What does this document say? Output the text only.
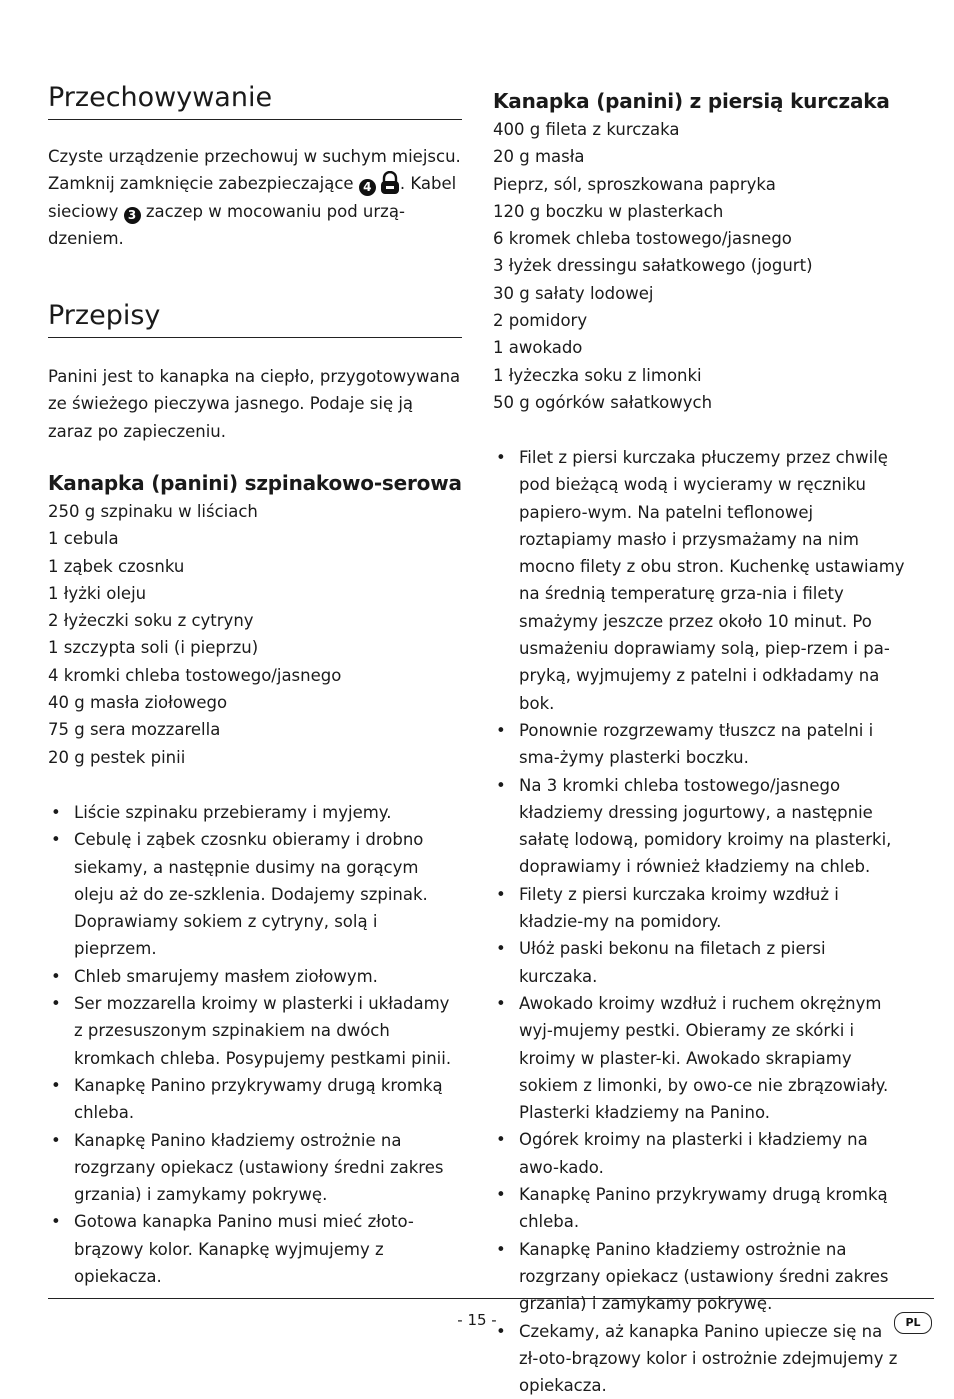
Przechowywanie

Czyste urządzenie przechowuj w suchym miejscu. Zamknij zamknięcie zabezpieczające 4 . Kabel sieciowy 3 zaczep w mocowaniu pod urzą-dzeniem.

Przepisy

Panini jest to kanapka na ciepło, przygotowywana ze świeżego pieczywa jasnego. Podaje się ją zaraz po zapieczeniu.

Kanapka (panini) szpinakowo-serowa
250 g szpinaku w liściach
1 cebula
1 ząbek czosnku
1 łyżki oleju
2 łyżeczki soku z cytryny
1 szczypta soli (i pieprzu)
4 kromki chleba tostowego/jasnego
40 g masła ziołowego
75 g sera mozzarella
20 g pestek pinii
• Liście szpinaku przebieramy i myjemy.
• Cebulę i ząbek czosnku obieramy i drobno siekamy, a następnie dusimy na gorącym oleju aż do ze-szklenia. Dodajemy szpinak. Doprawiamy sokiem z cytryny, solą i pieprzem.
• Chleb smarujemy masłem ziołowym.
• Ser mozzarella kroimy w plasterki i układamy z przesuszonym szpinakiem na dwóch kromkach chleba. Posypujemy pestkami pinii.
• Kanapkę Panino przykrywamy drugą kromką chleba.
• Kanapkę Panino kładziemy ostrożnie na rozgrzany opiekacz (ustawiony średni zakres grzania) i zamykamy pokrywę.
• Gotowa kanapka Panino musi mieć złoto-brązowy kolor. Kanapkę wyjmujemy z opiekacza.
Kanapka (panini) z piersią kurczaka
400 g fileta z kurczaka
20 g masła
Pieprz, sól, sproszkowana papryka
120 g boczku w plasterkach
6 kromek chleba tostowego/jasnego
3 łyżek dressingu sałatkowego (jogurt)
30 g sałaty lodowej
2 pomidory
1 awokado
1 łyżeczka soku z limonki
50 g ogórków sałatkowych
• Filet z piersi kurczaka płuczemy przez chwilę pod bieżącą wodą i wycieramy w ręczniku papiero-wym. Na patelni teflonowej roztapiamy masło i przysmażamy na nim mocno filety z obu stron. Kuchenkę ustawiamy na średnią temperaturę grza-nia i filety smażymy jeszcze przez około 10 minut. Po usmażeniu doprawiamy solą, piep-rzem i pa-pryką, wyjmujemy z patelni i odkładamy na bok.
• Ponownie rozgrzewamy tłuszcz na patelni i sma-żymy plasterki boczku.
• Na 3 kromki chleba tostowego/jasnego kładziemy dressing jogurtowy, a następnie sałatę lodową, pomidory kroimy na plasterki, doprawiamy i również kładziemy na chleb.
• Filety z piersi kurczaka kroimy wzdłuż i kładzie-my na pomidory.
• Ułóż paski bekonu na filetach z piersi kurczaka.
• Awokado kroimy wzdłuż i ruchem okrężnym wyj-mujemy pestki. Obieramy ze skórki i kroimy w plaster-ki. Awokado skrapiamy sokiem z limonki, by owo-ce nie zbrązowiały. Plasterki kładziemy na Panino.
• Ogórek kroimy na plasterki i kładziemy na awo-kado.
• Kanapkę Panino przykrywamy drugą kromką chleba.
• Kanapkę Panino kładziemy ostrożnie na rozgrzany opiekacz (ustawiony średni zakres grzania) i zamykamy pokrywę.
• Czekamy, aż kanapka Panino upiecze się na zł-oto-brązowy kolor i ostrożnie zdejmujemy z opiekacza.
- 15 -	PL
